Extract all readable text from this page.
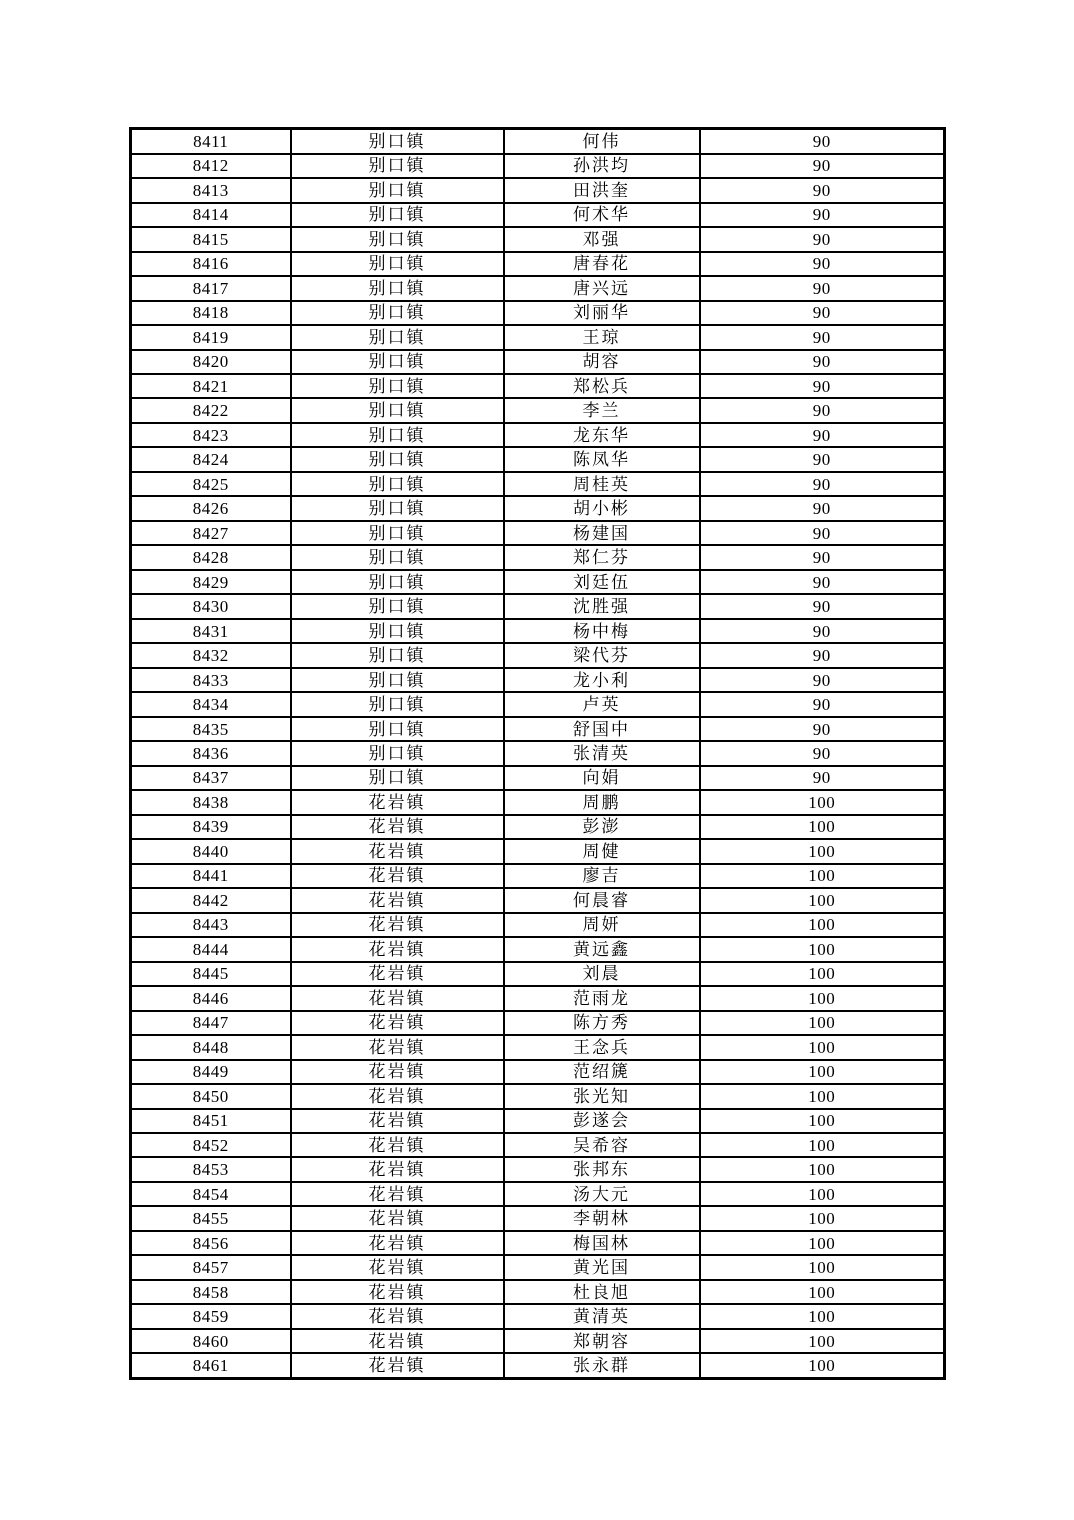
8411	别口镇	何伟	90
8412	别口镇	孙洪均	90
8413	别口镇	田洪奎	90
8414	别口镇	何术华	90
8415	别口镇	邓强	90
8416	别口镇	唐春花	90
8417	别口镇	唐兴远	90
8418	别口镇	刘丽华	90
8419	别口镇	王琼	90
8420	别口镇	胡容	90
8421	别口镇	郑松兵	90
8422	别口镇	李兰	90
8423	别口镇	龙东华	90
8424	别口镇	陈凤华	90
8425	别口镇	周桂英	90
8426	别口镇	胡小彬	90
8427	别口镇	杨建国	90
8428	别口镇	郑仁芬	90
8429	别口镇	刘廷伍	90
8430	别口镇	沈胜强	90
8431	别口镇	杨中梅	90
8432	别口镇	梁代芬	90
8433	别口镇	龙小利	90
8434	别口镇	卢英	90
8435	别口镇	舒国中	90
8436	别口镇	张清英	90
8437	别口镇	向娟	90
8438	花岩镇	周鹏	100
8439	花岩镇	彭澎	100
8440	花岩镇	周健	100
8441	花岩镇	廖吉	100
8442	花岩镇	何晨睿	100
8443	花岩镇	周妍	100
8444	花岩镇	黄远鑫	100
8445	花岩镇	刘晨	100
8446	花岩镇	范雨龙	100
8447	花岩镇	陈方秀	100
8448	花岩镇	王念兵	100
8449	花岩镇	范绍篪	100
8450	花岩镇	张光知	100
8451	花岩镇	彭遂会	100
8452	花岩镇	吴希容	100
8453	花岩镇	张邦东	100
8454	花岩镇	汤大元	100
8455	花岩镇	李朝林	100
8456	花岩镇	梅国林	100
8457	花岩镇	黄光国	100
8458	花岩镇	杜良旭	100
8459	花岩镇	黄清英	100
8460	花岩镇	郑朝容	100
8461	花岩镇	张永群	100
